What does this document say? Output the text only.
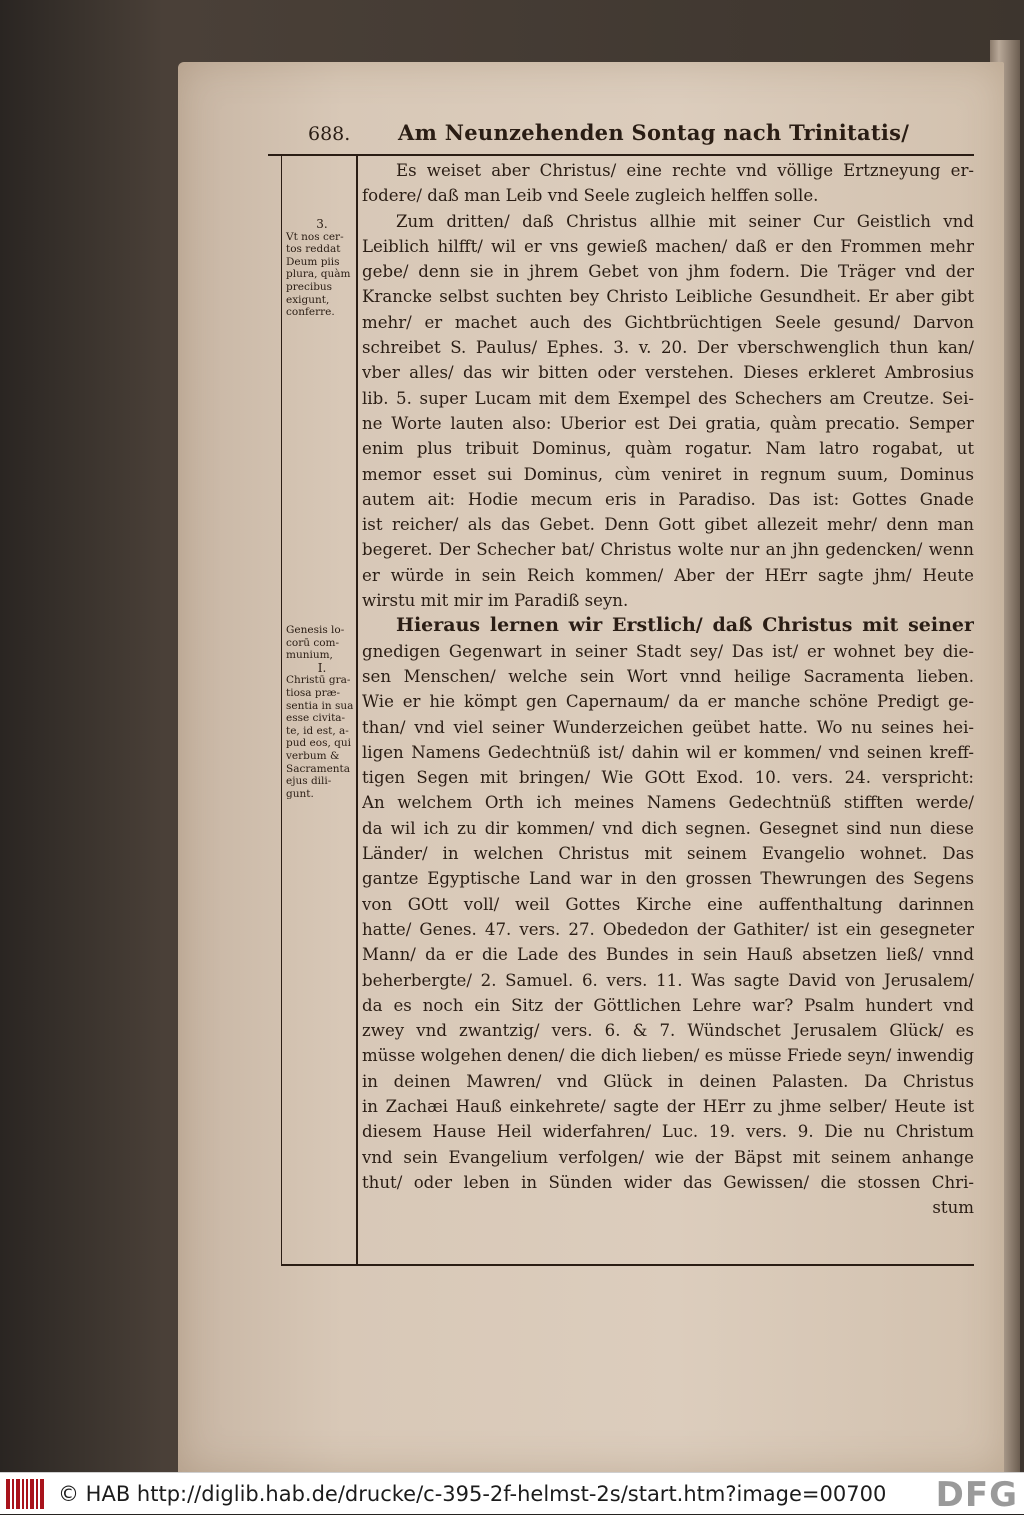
688.	Am Neunzehenden Sontag nach Trinitatis/
Es weiset aber Christus/ eine rechte vnd völlige Ertzneyung er-
fodere/ daß man Leib vnd Seele zugleich helffen solle.
Zum dritten/ daß Christus allhie mit seiner Cur Geistlich vnd
Leiblich hilfft/ wil er vns gewieß machen/ daß er den Frommen mehr
gebe/ denn sie in jhrem Gebet von jhm fodern. Die Träger vnd der
Krancke selbst suchten bey Christo Leibliche Gesundheit. Er aber gibt
mehr/ er machet auch des Gichtbrüchtigen Seele gesund/ Darvon
schreibet S. Paulus/ Ephes. 3. v. 20. Der vberschwenglich thun kan/
vber alles/ das wir bitten oder verstehen. Dieses erkleret Ambrosius
lib. 5. super Lucam mit dem Exempel des Schechers am Creutze. Sei-
ne Worte lauten also: Uberior est Dei gratia, quàm precatio. Semper
enim plus tribuit Dominus, quàm rogatur. Nam latro rogabat, ut
memor esset sui Dominus, cùm veniret in regnum suum, Dominus
autem ait: Hodie mecum eris in Paradiso. Das ist: Gottes Gnade
ist reicher/ als das Gebet. Denn Gott gibet allezeit mehr/ denn man
begeret. Der Schecher bat/ Christus wolte nur an jhn gedencken/ wenn
er würde in sein Reich kommen/ Aber der HErr sagte jhm/ Heute
wirstu mit mir im Paradiß seyn.
Hieraus lernen wir Erstlich/ daß Christus mit seiner
gnedigen Gegenwart in seiner Stadt sey/ Das ist/ er wohnet bey die-
sen Menschen/ welche sein Wort vnnd heilige Sacramenta lieben.
Wie er hie kömpt gen Capernaum/ da er manche schöne Predigt ge-
than/ vnd viel seiner Wunderzeichen geübet hatte. Wo nu seines hei-
ligen Namens Gedechtnüß ist/ dahin wil er kommen/ vnd seinen kreff-
tigen Segen mit bringen/ Wie GOtt Exod. 10. vers. 24. verspricht:
An welchem Orth ich meines Namens Gedechtnüß stifften werde/
da wil ich zu dir kommen/ vnd dich segnen. Gesegnet sind nun diese
Länder/ in welchen Christus mit seinem Evangelio wohnet. Das
gantze Egyptische Land war in den grossen Thewrungen des Segens
von GOtt voll/ weil Gottes Kirche eine auffenthaltung darinnen
hatte/ Genes. 47. vers. 27. Obededon der Gathiter/ ist ein gesegneter
Mann/ da er die Lade des Bundes in sein Hauß absetzen ließ/ vnnd
beherbergte/ 2. Samuel. 6. vers. 11. Was sagte David von Jerusalem/
da es noch ein Sitz der Göttlichen Lehre war? Psalm hundert vnd
zwey vnd zwantzig/ vers. 6. & 7. Wündschet Jerusalem Glück/ es
müsse wolgehen denen/ die dich lieben/ es müsse Friede seyn/ inwendig
in deinen Mawren/ vnd Glück in deinen Palasten. Da Christus
in Zachæi Hauß einkehrete/ sagte der HErr zu jhme selber/ Heute ist
diesem Hause Heil widerfahren/ Luc. 19. vers. 9. Die nu Christum
vnd sein Evangelium verfolgen/ wie der Bäpst mit seinem anhange
thut/ oder leben in Sünden wider das Gewissen/ die stossen Chri-
stum
3.
Vt nos cer-
tos reddat
Deum piis
plura, quàm
precibus
exigunt,
conferre.
Genesis lo-
corū com-
munium,
I.
Christū gra-
tiosa præ-
sentia in sua
esse civita-
te, id est, a-
pud eos, qui
verbum &
Sacramenta
ejus dili-
gunt.
© HAB http://diglib.hab.de/drucke/c-395-2f-helmst-2s/start.htm?image=00700 DFG
